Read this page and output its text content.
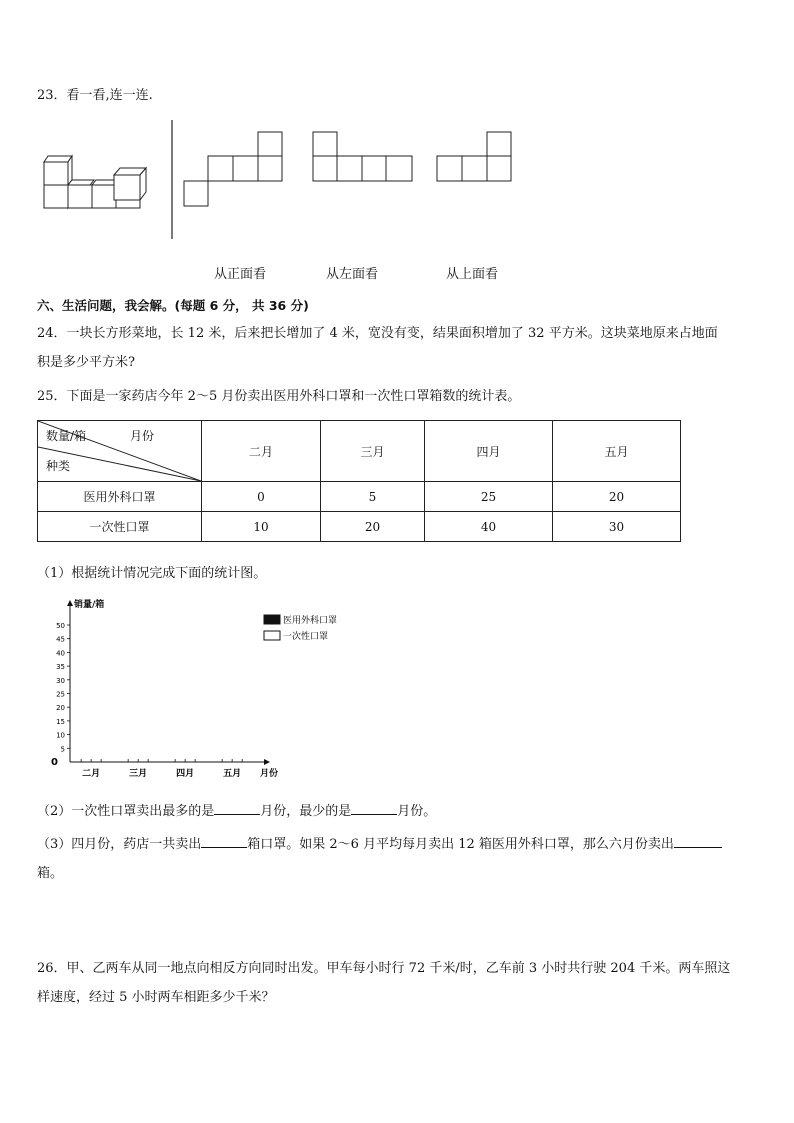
23．看一看,连一连.
从正面看	从左面看	从上面看
六、生活问题，我会解。(每题 6 分， 共 36 分)
24．一块长方形菜地，长 12 米，后来把长增加了 4 米，宽没有变，结果面积增加了 32 平方米。这块菜地原来占地面
积是多少平方米?
25．下面是一家药店今年 2～5 月份卖出医用外科口罩和一次性口罩箱数的统计表。
数量/箱 月份
种类	二月	三月	四月	五月
医用外科口罩	0	5	25	20
一次性口罩	10	20	40	30
（1）根据统计情况完成下面的统计图。
销量/箱
月份
医用外科口罩
一次性口罩
50
45
40
35
30
25
20
15
10
5
0
二月	三月	四月	五月
（2）一次性口罩卖出最多的是	月份，最少的是	月份。
（3）四月份，药店一共卖出	箱口罩。如果 2～6 月平均每月卖出 12 箱医用外科口罩，那么六月份卖出
箱。
26．甲、乙两车从同一地点向相反方向同时出发。甲车每小时行 72 千米/时，乙车前 3 小时共行驶 204 千米。两车照这
样速度，经过 5 小时两车相距多少千米？
